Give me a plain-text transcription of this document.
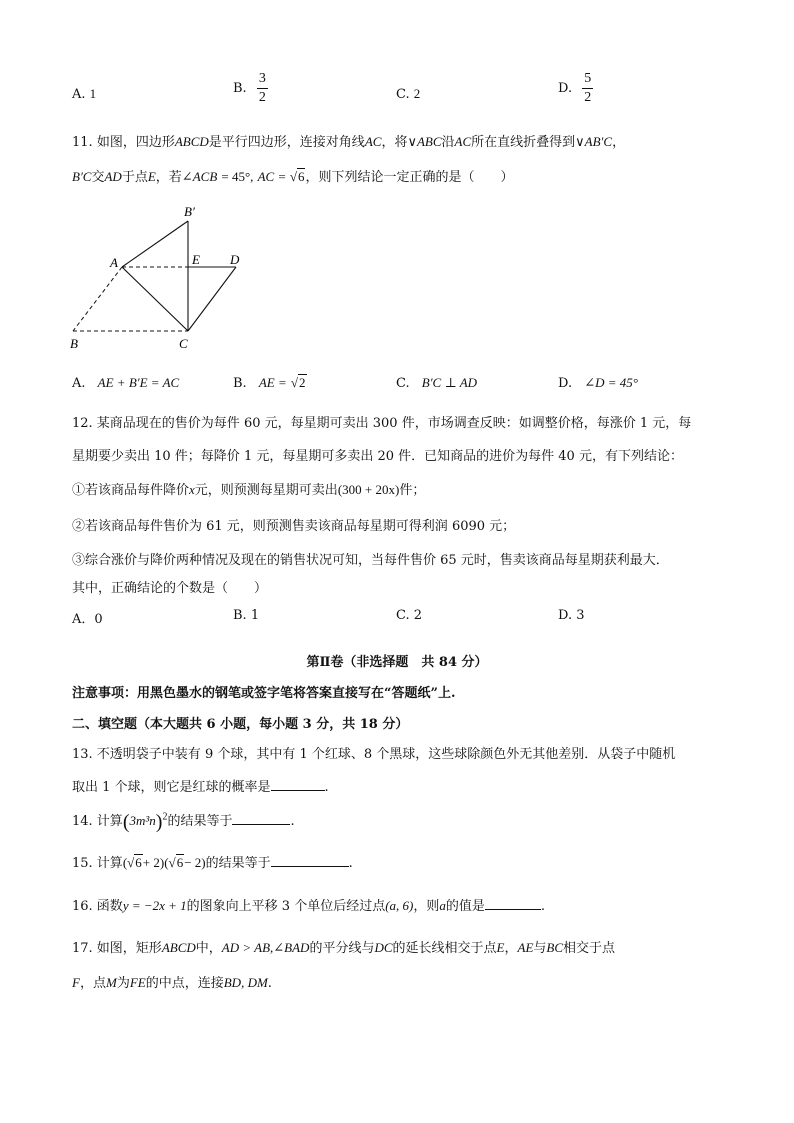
A. 1	B. $\frac{3}{2}$	C. 2	D. $\frac{5}{2}$
11. 如图，四边形ABCD是平行四边形，连接对角线AC，将∨ABC沿AC所在直线折叠得到∨AB′C，
B′C交AD于点E，若∠ACB = 45°, AC = √6，则下列结论一定正确的是（　　）
B′
A	E D
B	C
A. AE + B′E = AC	B. AE = √2	C. B′C ⊥ AD	D. ∠D = 45°
12. 某商品现在的售价为每件 60 元，每星期可卖出 300 件，市场调查反映：如调整价格，每涨价 1 元，每
星期要少卖出 10 件；每降价 1 元，每星期可多卖出 20 件．已知商品的进价为每件 40 元，有下列结论：
①若该商品每件降价x元，则预测每星期可卖出(300 + 20x)件；
②若该商品每件售价为 61 元，则预测售卖该商品每星期可得利润 6090 元；
③综合涨价与降价两种情况及现在的销售状况可知，当每件售价 65 元时，售卖该商品每星期获利最大．
其中，正确结论的个数是（　　）
A．0	B. 1	C. 2	D. 3
第Ⅱ卷（非选择题　共 84 分）
注意事项：用黑色墨水的钢笔或签字笔将答案直接写在“答题纸”上.
二、填空题（本大题共 6 小题，每小题 3 分，共 18 分）
13. 不透明袋子中装有 9 个球，其中有 1 个红球、8 个黑球，这些球除颜色外无其他差别．从袋子中随机
取出 1 个球，则它是红球的概率是	.
14. 计算$(3m^3n)^2$的结果等于	.
15. 计算(√6+ 2)(√6− 2)的结果等于	.
16. 函数y = −2x + 1的图象向上平移 3 个单位后经过点(a, 6)，则a的值是	.
17. 如图，矩形ABCD中，AD > AB,∠BAD的平分线与DC的延长线相交于点E，AE与BC相交于点
F，点M为FE的中点，连接BD, DM.
